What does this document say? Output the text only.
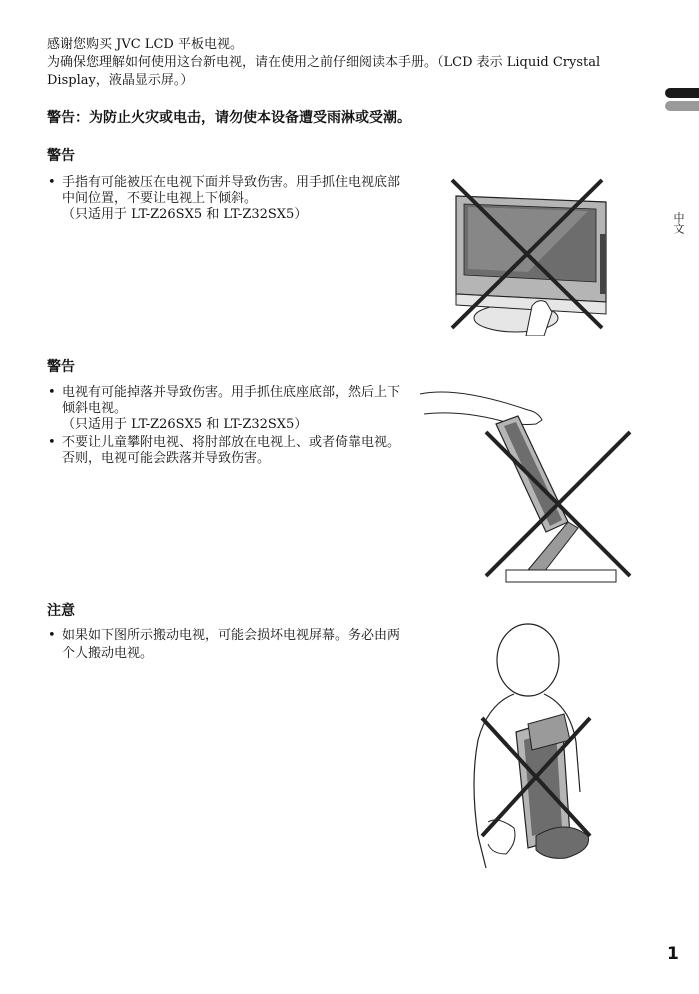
感谢您购买 JVC LCD 平板电视。

为确保您理解如何使用这台新电视，请在使用之前仔细阅读本手册。（LCD 表示 Liquid Crystal Display，液晶显示屏。）

警告：为防止火灾或电击，请勿使本设备遭受雨淋或受潮。
警告
• 手指有可能被压在电视下面并导致伤害。用手抓住电视底部中间位置，不要让电视上下倾斜。
（只适用于 LT-Z26SX5 和 LT-Z32SX5）
警告
• 电视有可能掉落并导致伤害。用手抓住底座底部，然后上下倾斜电视。
（只适用于 LT-Z26SX5 和 LT-Z32SX5）
• 不要让儿童攀附电视、将肘部放在电视上、或者倚靠电视。否则，电视可能会跌落并导致伤害。
注意
• 如果如下图所示搬动电视，可能会损坏电视屏幕。务必由两个人搬动电视。
中文
1
